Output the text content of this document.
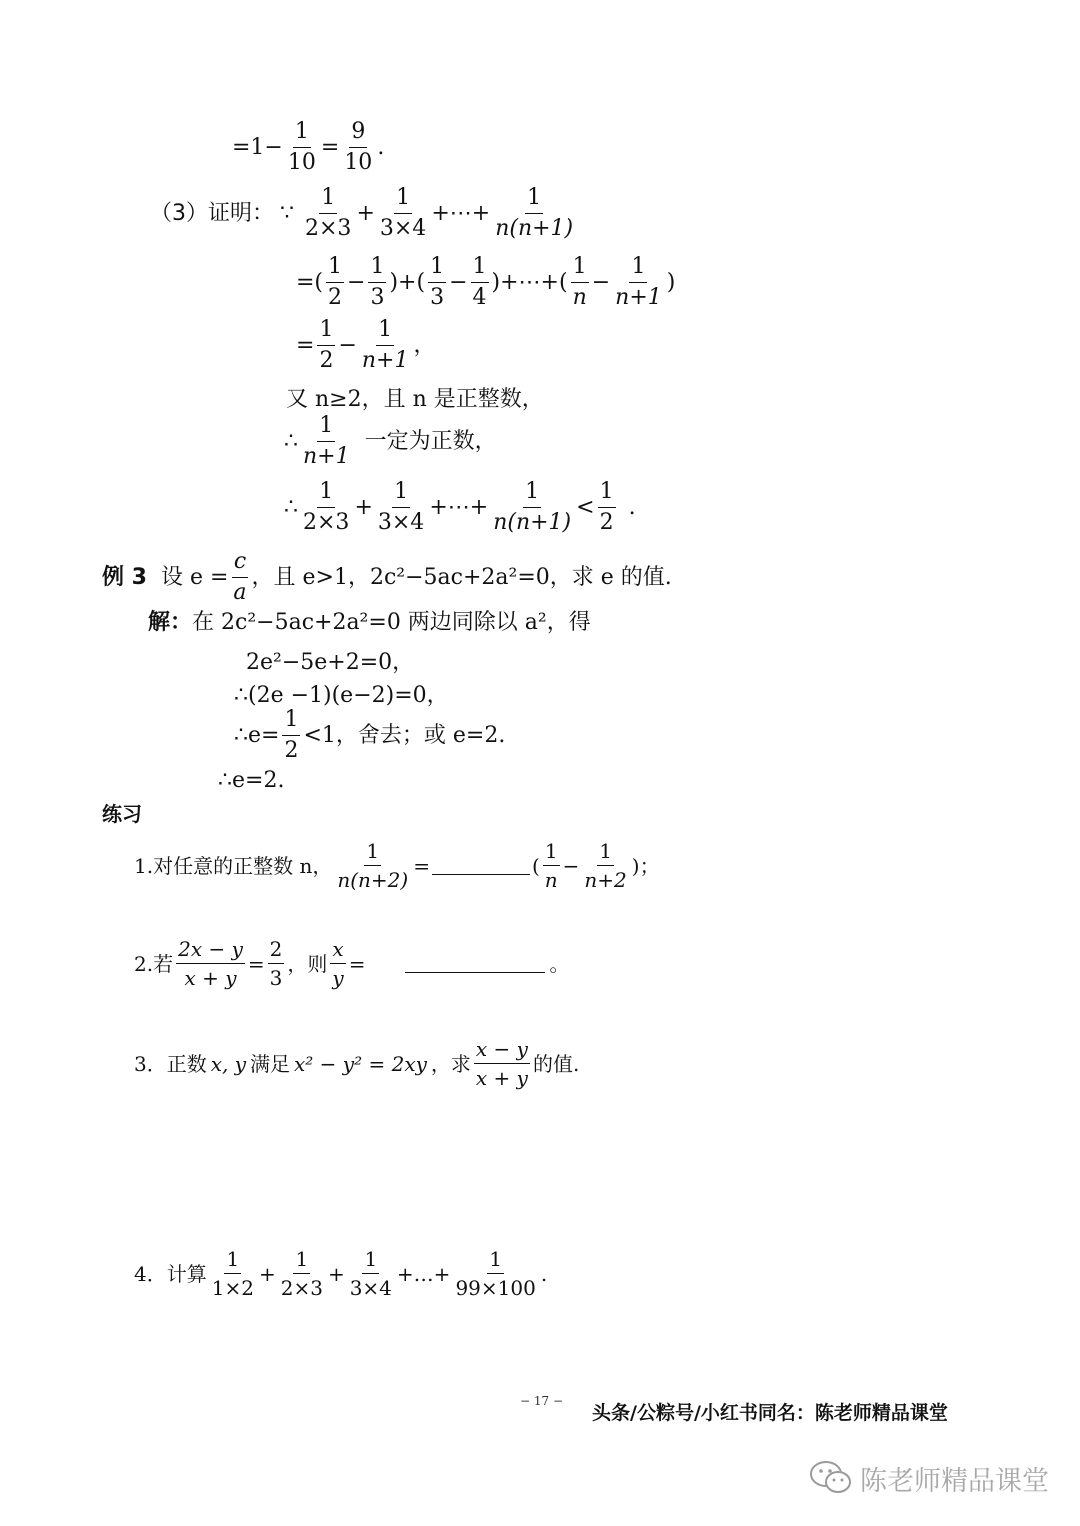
$=1- \frac{1}{10} = \frac{9}{10}$ .
（3）证明： ∵ $\frac{1}{2\times 3} + \frac{1}{3\times 4}$ +⋯+ $\frac{1}{n(n+1)}$
=( $\frac{1}{2} - \frac{1}{3}$ )+( $\frac{1}{3} - \frac{1}{4}$ )+⋯+( $\frac{1}{n} - \frac{1}{n+1}$ )
= $\frac{1}{2} - \frac{1}{n+1}$ ，
又 n≥2，且 n 是正整数，
∴ $\frac{1}{n+1}$ 一定为正数，
∴ $\frac{1}{2\times 3} + \frac{1}{3\times 4}$ +⋯+ $\frac{1}{n(n+1)} < \frac{1}{2}$ .
例 3 设 $e = \frac{c}{a}$ ，且 e>1，2c²−5ac+2a²=0，求 e 的值.
解： 在 2c²−5ac+2a²=0 两边同除以 a²，得
2e²−5e+2=0，
∴(2e −1)(e−2)=0，
∴e= $\frac{1}{2} <1$，舍去；或 e=2.
∴e=2.
练习
1.对任意的正整数 n， $\frac{1}{n(n+2)}$ =	( $\frac{1}{n} - \frac{1}{n+2}$ )；
2.若 $\frac{2x - y}{x + y} = \frac{2}{3}$ ，则 $\frac{x}{y}$ =	。
3．正数 x, y 满足 x² − y² = 2xy ，求 $\frac{x - y}{x + y}$ 的值.
4．计算 $\frac{1}{1\times 2} + \frac{1}{2\times 3} + \frac{1}{3\times 4}$ +…+ $\frac{1}{99\times 100}$ .
− 17 −
头条/公粽号/小红书同名：陈老师精品课堂
陈老师精品课堂
